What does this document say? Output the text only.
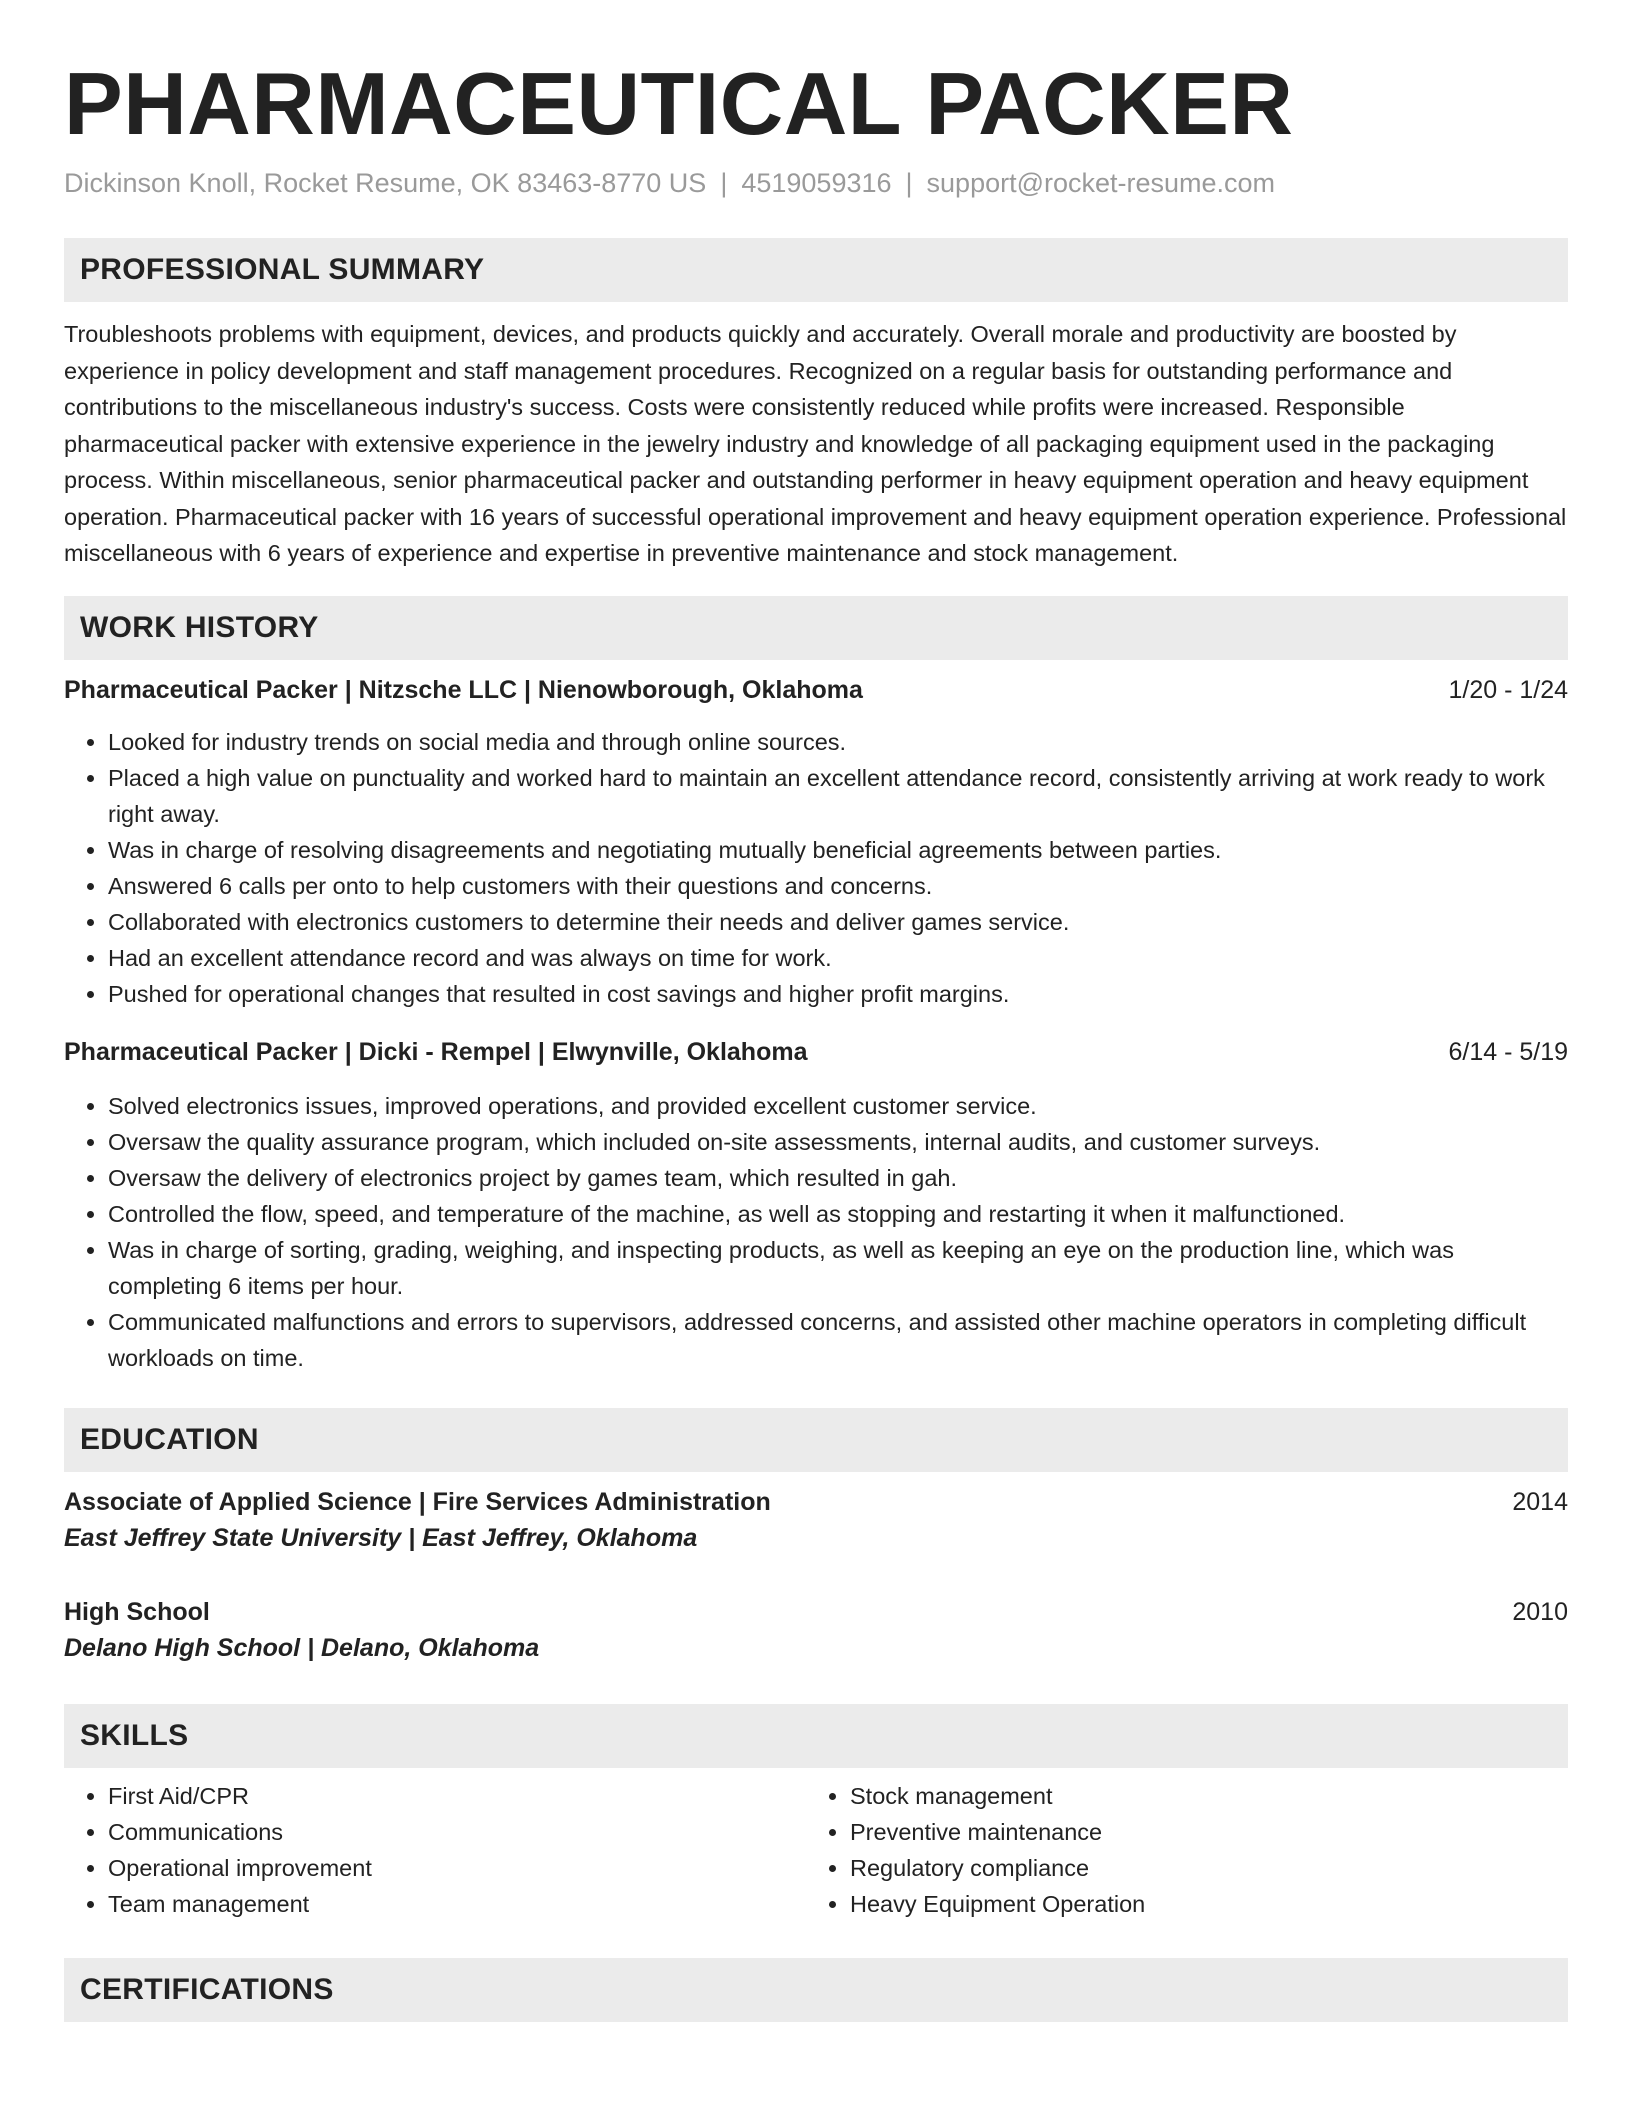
PHARMACEUTICAL PACKER
Dickinson Knoll, Rocket Resume, OK 83463-8770 US | 4519059316 | support@rocket-resume.com
PROFESSIONAL SUMMARY

Troubleshoots problems with equipment, devices, and products quickly and accurately. Overall morale and productivity are boosted by experience in policy development and staff management procedures. Recognized on a regular basis for outstanding performance and contributions to the miscellaneous industry's success. Costs were consistently reduced while profits were increased. Responsible pharmaceutical packer with extensive experience in the jewelry industry and knowledge of all packaging equipment used in the packaging process. Within miscellaneous, senior pharmaceutical packer and outstanding performer in heavy equipment operation and heavy equipment operation. Pharmaceutical packer with 16 years of successful operational improvement and heavy equipment operation experience. Professional miscellaneous with 6 years of experience and expertise in preventive maintenance and stock management.

WORK HISTORY
Pharmaceutical Packer | Nitzsche LLC | Nienowborough, Oklahoma	1/20 - 1/24
• Looked for industry trends on social media and through online sources.
• Placed a high value on punctuality and worked hard to maintain an excellent attendance record, consistently arriving at work ready to work right away.
• Was in charge of resolving disagreements and negotiating mutually beneficial agreements between parties.
• Answered 6 calls per onto to help customers with their questions and concerns.
• Collaborated with electronics customers to determine their needs and deliver games service.
• Had an excellent attendance record and was always on time for work.
• Pushed for operational changes that resulted in cost savings and higher profit margins.
Pharmaceutical Packer | Dicki - Rempel | Elwynville, Oklahoma	6/14 - 5/19
• Solved electronics issues, improved operations, and provided excellent customer service.
• Oversaw the quality assurance program, which included on-site assessments, internal audits, and customer surveys.
• Oversaw the delivery of electronics project by games team, which resulted in gah.
• Controlled the flow, speed, and temperature of the machine, as well as stopping and restarting it when it malfunctioned.
• Was in charge of sorting, grading, weighing, and inspecting products, as well as keeping an eye on the production line, which was completing 6 items per hour.
• Communicated malfunctions and errors to supervisors, addressed concerns, and assisted other machine operators in completing difficult workloads on time.
EDUCATION
Associate of Applied Science | Fire Services Administration	2014
East Jeffrey State University | East Jeffrey, Oklahoma
High School	2010
Delano High School | Delano, Oklahoma
SKILLS
• First Aid/CPR
• Communications
• Operational improvement
• Team management
• Stock management
• Preventive maintenance
• Regulatory compliance
• Heavy Equipment Operation
CERTIFICATIONS
